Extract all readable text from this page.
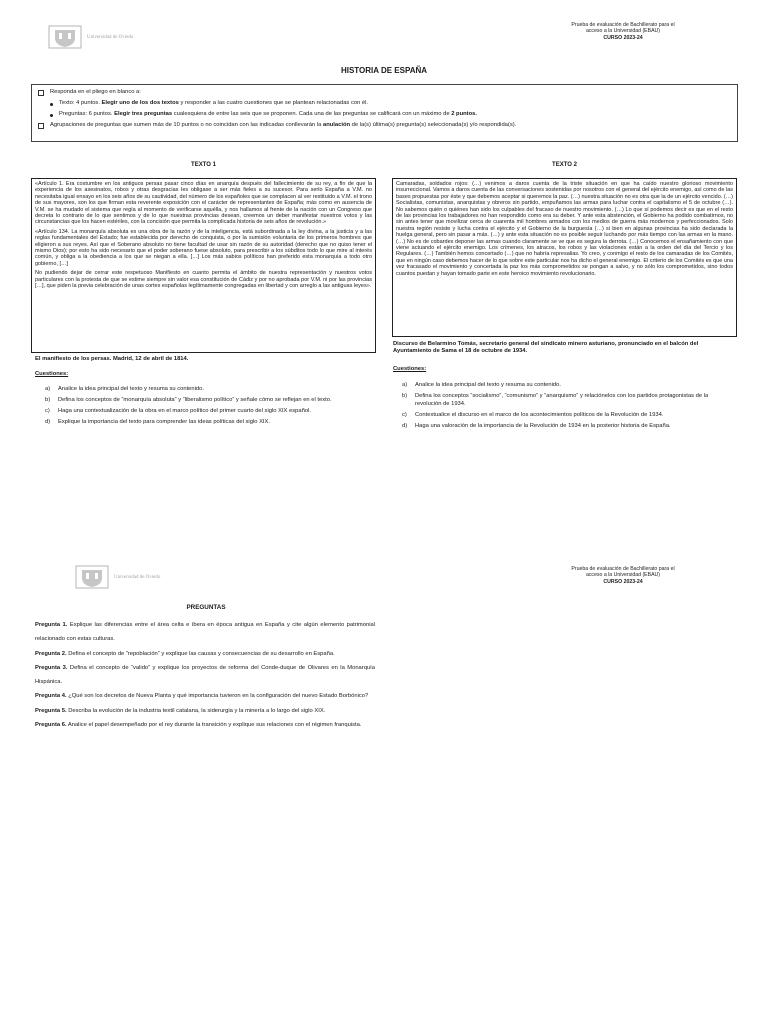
Universidad de Oviedo
Prueba de evaluación de Bachillerato para el
acceso a la Universidad (EBAU)
CURSO 2023-24
HISTORIA DE ESPAÑA
Responda en el pliego en blanco a:
Texto: 4 puntos. Elegir uno de los dos textos y responder a las cuatro cuestiones que se plantean relacionadas con él.
Preguntas: 6 puntos. Elegir tres preguntas cualesquiera de entre las seis que se proponen. Cada una de las preguntas se calificará con un máximo de 2 puntos.
Agrupaciones de preguntas que sumen más de 10 puntos o no coincidan con las indicadas conllevarán la anulación de la(s) última(s) pregunta(s) seleccionada(s) y/o respondida(s).
TEXTO 1

«Artículo 1. Era costumbre en los antiguos persas pasar cinco días en anarquía después del fallecimiento de su rey, a fin de que la experiencia de los asesinatos, robos y otras desgracias les obligase a ser más fieles a su sucesor. Para serlo España a V.M. no necesitaba igual ensayo en los seis años de su cautividad, del número de los españoles que se complacen al ver restituido a V.M. el trono de sus mayores, son los que firman esta reverente exposición con el carácter de representantes de España; más como en ausencia de V.M. se ha mudado el sistema que regía al momento de verificarse aquélla, y nos hallamos al frente de la nación con un Congreso que decreta lo contrario de lo que sentimos y de lo que nuestras provincias desean, creemos un deber manifestar nuestros votos y las circunstancias que los hacen estériles, con la concisión que permita la complicada historia de seis años de revolución.»

«Artículo 134. La monarquía absoluta es una obra de la razón y de la inteligencia, está subordinada a la ley divina, a la justicia y a las reglas fundamentales del Estado; fue establecida por derecho de conquista, o por la sumisión voluntaria de los primeros hombres que eligieron a sus reyes. Así que el Soberano absoluto no tiene facultad de usar sin razón de su autoridad (derecho que no quiso tener el mismo Dios); por esto ha sido necesario que el poder soberano fuese absoluto, para prescribir a los súbditos todo lo que mire al interés común, y obliga a la obediencia a los que se niegan a ella. […] Los más sabios políticos han preferido esta monarquía a todo otro gobierno, […]

No pudiendo dejar de cerrar este respetuoso Manifiesto en cuanto permita el ámbito de nuestra representación y nuestros votos particulares con la protesta de que se estime siempre sin valor esa constitución de Cádiz y por no aprobada por V.M. ni por las provincias […], que piden la previa celebración de unas cortes españolas legítimamente congregadas en libertad y con arreglo a las antiguas leyes».

El manifiesto de los persas. Madrid, 12 de abril de 1814.
Cuestiones:
a)	Analice la idea principal del texto y resuma su contenido.
b)	Defina los conceptos de “monarquía absoluta” y “liberalismo político” y señale cómo se reflejan en el texto.
c)	Haga una contextualización de la obra en el marco político del primer cuarto del siglo XIX español.
d)	Explique la importancia del texto para comprender las ideas políticas del siglo XIX.
TEXTO 2

Camaradas, soldados rojos: (…) venimos a daros cuenta de la triste situación en que ha caído nuestro glorioso movimiento insurreccional. Vamos a daros cuenta de las conversaciones sostenidas por nosotros con el general del ejército enemigo, así como de las bases propuestas por éste y que debemos aceptar si queremos la paz. (…) nuestra situación no es otra que la de un ejército vencido. (…) Socialistas, comunistas, anarquistas y obreros sin partido, empuñamos las armas para luchar contra el capitalismo el 5 de octubre (…). No sabemos quién o quiénes han sido los culpables del fracaso de nuestro movimiento. (…) Lo que sí podemos decir es que en el resto de las provincias los trabajadores no han respondido como era su deber. Y ante esta abstención, el Gobierno ha podido combatirnos, no sin antes tener que movilizar cerca de cuarenta mil hombres armados con los medios de guerra más modernos y perfeccionados. Solo nuestra región resiste y lucha contra el ejército y el Gobierno de la burguesía (…) si bien en algunas provincias ha sido declarada la huelga general, pero sin pasar a más. (…) y ante esta situación no es posible seguir luchando por más tiempo con las armas en la mano. (…) No es de cobardes deponer las armas cuando claramente se ve que es segura la derrota. (…) Conocemos el ensañamiento con que viene actuando el ejército enemigo. Los crímenes, los atracos, los robos y las violaciones están a la orden del día del Tercio y los Regulares. (…) También hemos concertado (…) que no habría represalias. Yo creo, y conmigo el resto de los camaradas de los Comités, que en ningún caso debemos hacer de lo que sobre este particular nos ha dicho el general enemigo. El criterio de los Comités es que una vez fracasado el movimiento y concertada la paz los más comprometidos se pongan a salvo, y no sólo los comprometidos, sino todos cuantos puedan y hayan tomado parte en este heroico movimiento revolucionario.

Discurso de Belarmino Tomás, secretario general del sindicato minero asturiano, pronunciado en el balcón del Ayuntamiento de Sama el 18 de octubre de 1934.
Cuestiones:
a)	Analice la idea principal del texto y resuma su contenido.
b)	Defina los conceptos “socialismo”, “comunismo” y “anarquismo” y relaciónelos con los partidos protagonistas de la revolución de 1934.
c)	Contextualice el discurso en el marco de los acontecimientos políticos de la Revolución de 1934.
d)	Haga una valoración de la importancia de la Revolución de 1934 en la posterior historia de España.
Universidad de Oviedo
Prueba de evaluación de Bachillerato para el
acceso a la Universidad (EBAU)
CURSO 2023-24
PREGUNTAS
Pregunta 1. Explique las diferencias entre el área celta e íbera en época antigua en España y cite algún elemento patrimonial relacionado con estas culturas.
Pregunta 2. Defina el concepto de “repoblación” y explique las causas y consecuencias de su desarrollo en España.
Pregunta 3. Defina el concepto de “valido” y explique los proyectos de reforma del Conde-duque de Olivares en la Monarquía Hispánica.
Pregunta 4. ¿Qué son los decretos de Nueva Planta y qué importancia tuvieron en la configuración del nuevo Estado Borbónico?
Pregunta 5. Describa la evolución de la industria textil catalana, la siderurgia y la minería a lo largo del siglo XIX.
Pregunta 6. Analice el papel desempeñado por el rey durante la transición y explique sus relaciones con el régimen franquista.
